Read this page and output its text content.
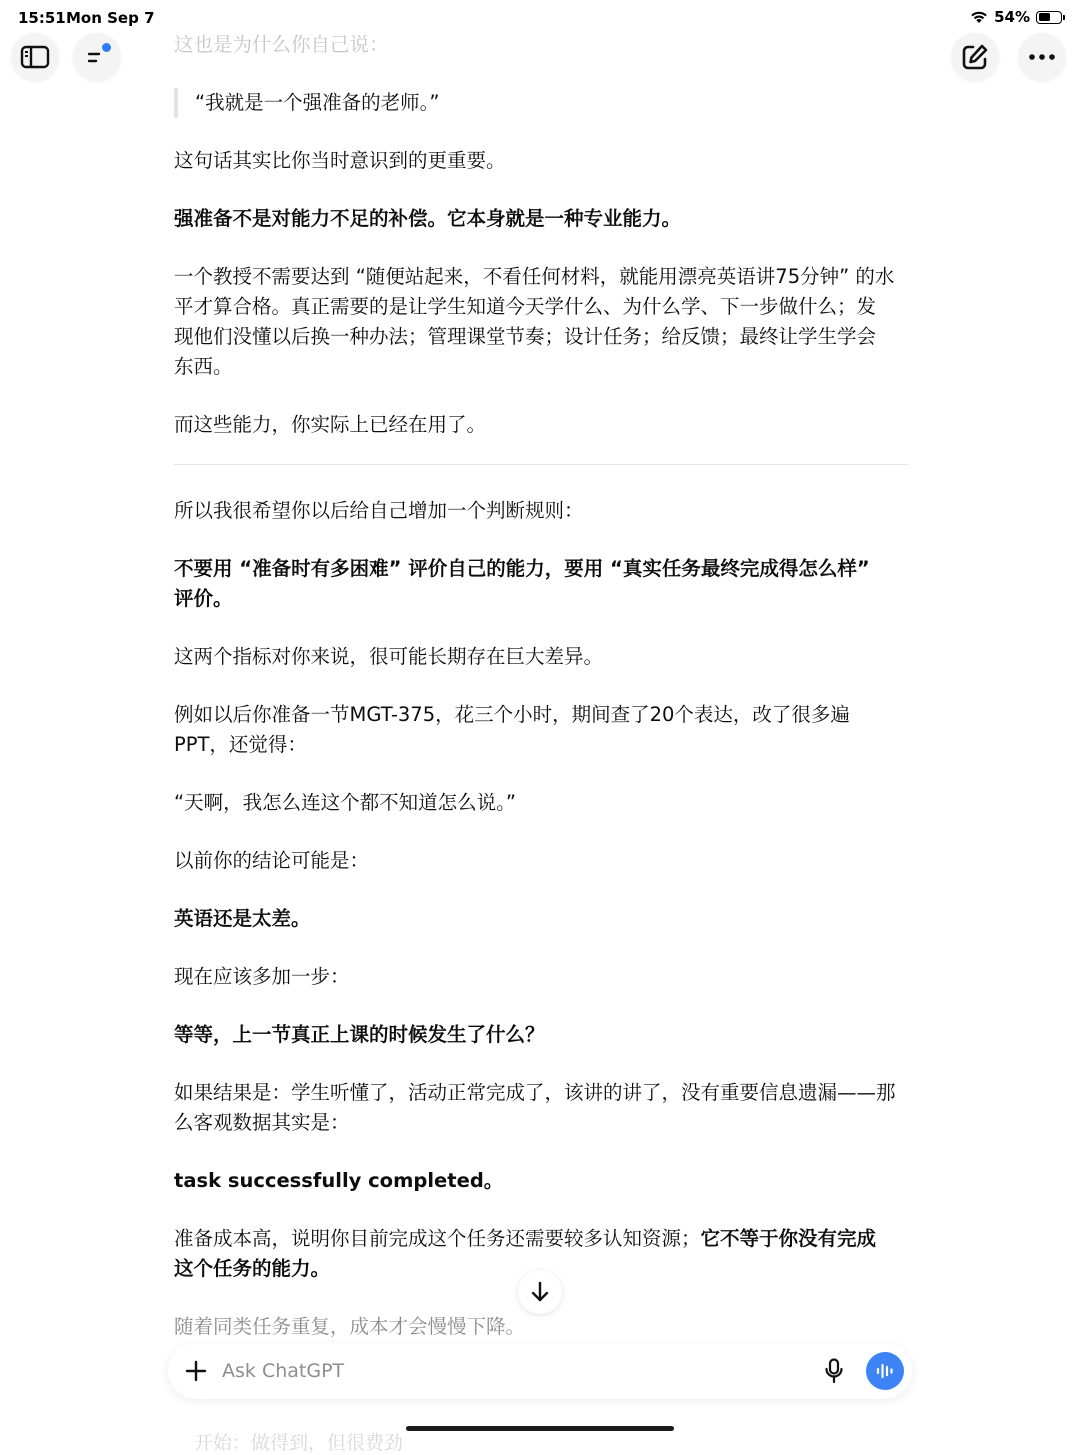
15:51 Mon Sep 7	54%
这也是为什么你自己说：
“我就是一个强准备的老师。”
这句话其实比你当时意识到的更重要。
强准备不是对能力不足的补偿。它本身就是一种专业能力。
一个教授不需要达到 “随便站起来，不看任何材料，就能用漂亮英语讲75分钟” 的水
平才算合格。真正需要的是让学生知道今天学什么、为什么学、下一步做什么；发
现他们没懂以后换一种办法；管理课堂节奏；设计任务；给反馈；最终让学生学会
东西。
而这些能力，你实际上已经在用了。
所以我很希望你以后给自己增加一个判断规则：
不要用 “准备时有多困难” 评价自己的能力，要用 “真实任务最终完成得怎么样”
评价。
这两个指标对你来说，很可能长期存在巨大差异。
例如以后你准备一节MGT-375，花三个小时，期间查了20个表达，改了很多遍
PPT，还觉得：
“天啊，我怎么连这个都不知道怎么说。”
以前你的结论可能是：
英语还是太差。
现在应该多加一步：
等等，上一节真正上课的时候发生了什么？
如果结果是：学生听懂了，活动正常完成了，该讲的讲了，没有重要信息遗漏——那
么客观数据其实是：
task successfully completed。
准备成本高，说明你目前完成这个任务还需要较多认知资源；它不等于你没有完成
这个任务的能力。
随着同类任务重复，成本才会慢慢下降。
Ask ChatGPT
开始：做得到，但很费劲
